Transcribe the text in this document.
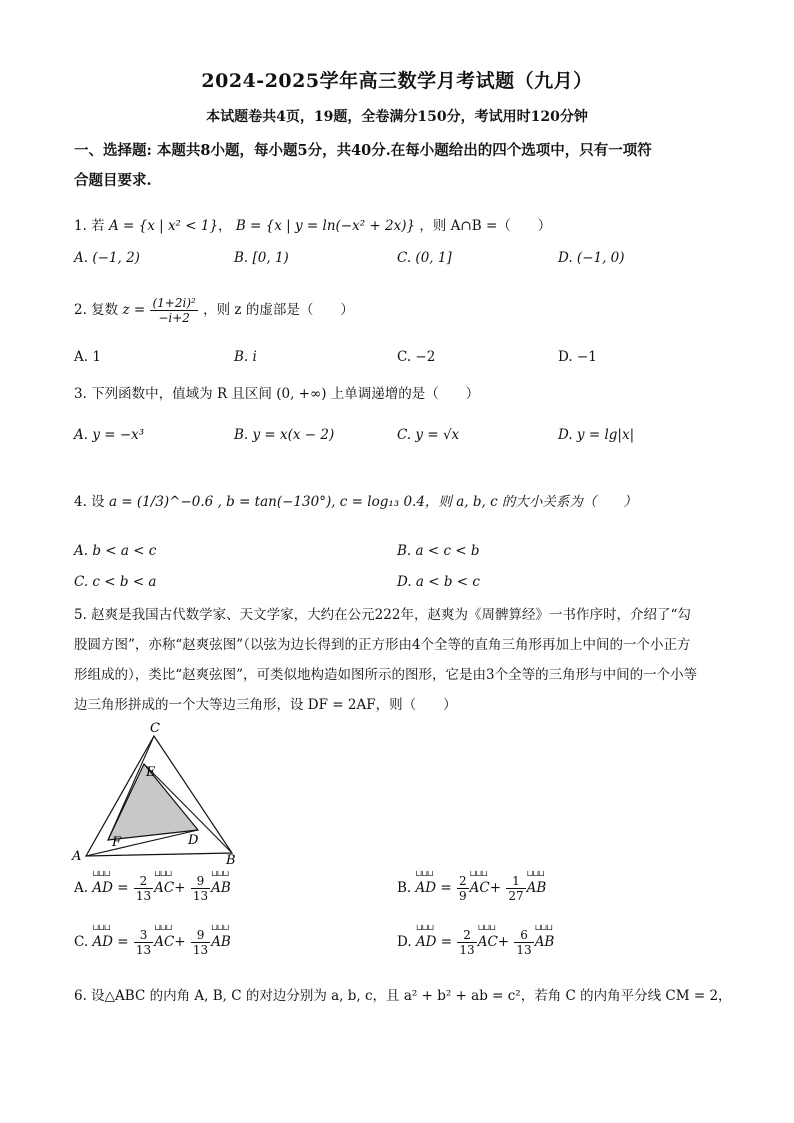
2024-2025学年高三数学月考试题（九月）
本试题卷共4页，19题，全卷满分150分，考试用时120分钟
一、选择题: 本题共8小题，每小题5分，共40分.在每小题给出的四个选项中，只有一项符
合题目要求.
1. 若 A = {x | x² < 1}， B = {x | y = ln(−x² + 2x)} ，则 A∩B =（　　）
A. (−1, 2)	B. [0, 1)	C. (0, 1]	D. (−1, 0)
2. 复数 $z = \frac{\text{(1+2i)²}}{-i+2}$ ，则 z 的虚部是（　　）
A. 1	B. i	C. −2	D. −1
3. 下列函数中，值域为 R 且区间 (0, +∞) 上单调递增的是（　　）
A. y = −x³	B. y = x(x − 2)	C. y = √x	D. y = lg|x|
4. 设 a = (1/3)^−0.6 , b = tan(−130°), c = log₁₃ 0.4，则 a, b, c 的大小关系为（　　）
A. b < a < c	B. a < c < b
C. c < b < a	D. a < b < c
5. 赵爽是我国古代数学家、天文学家，大约在公元222年，赵爽为《周髀算经》一书作序时，介绍了“勾
股圆方图”，亦称“赵爽弦图”（以弦为边长得到的正方形由4个全等的直角三角形再加上中间的一个小正方
形组成的），类比“赵爽弦图”，可类似地构造如图所示的图形，它是由3个全等的三角形与中间的一个小等
边三角形拼成的一个大等边三角形，设 DF = 2AF，则（　　）
C
E
F	D
A	B
A. ⊔⊔⊔ AD = $\frac{2}{13}$ ⊔⊔⊔ $AC+ \frac{9}{13}$ ⊔⊔⊔ AB	B. ⊔⊔⊔ AD = $\frac{2}{9}$ ⊔⊔⊔ $AC+ \frac{1}{27}$ ⊔⊔⊔ AB
C. ⊔⊔⊔ AD = $\frac{3}{13}$ ⊔⊔⊔ $AC+ \frac{9}{13}$ ⊔⊔⊔ AB	D. ⊔⊔⊔ AD = $\frac{2}{13}$ ⊔⊔⊔ $AC+ \frac{6}{13}$ ⊔⊔⊔ AB
6. 设△ABC 的内角 A, B, C 的对边分别为 a, b, c，且 a² + b² + ab = c²，若角 C 的内角平分线 CM = 2，
